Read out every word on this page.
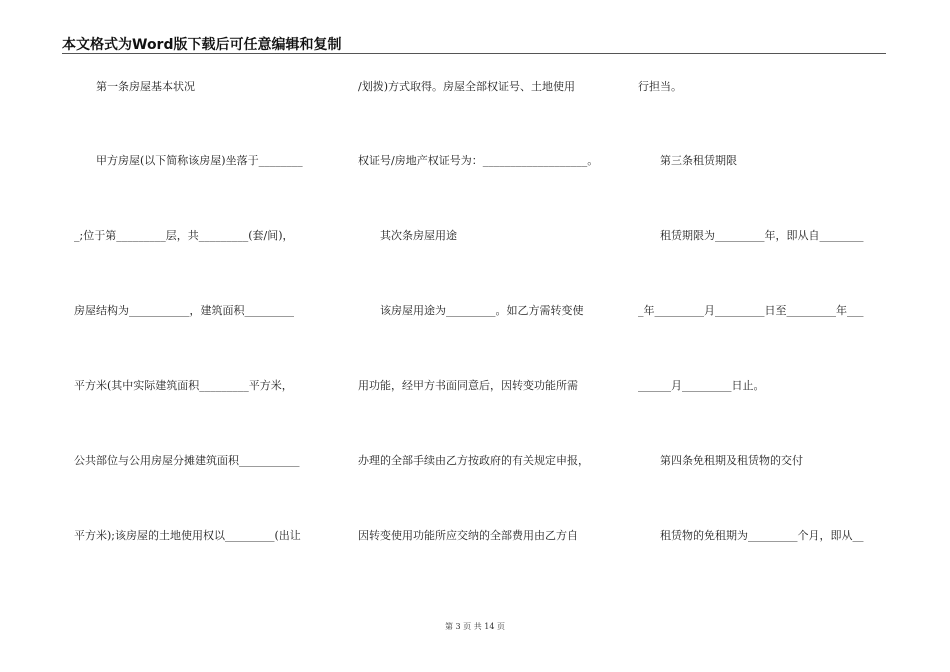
本文格式为Word版下载后可任意编辑和复制
　　第一条房屋基本状况
　　甲方房屋(以下简称该房屋)坐落于________
_;位于第_________层，共_________(套/间)，
房屋结构为___________，建筑面积_________
平方米(其中实际建筑面积_________平方米，
公共部位与公用房屋分摊建筑面积___________
平方米);该房屋的土地使用权以_________(出让
/划拨)方式取得。房屋全部权证号、土地使用
权证号/房地产权证号为：___________________。
　　其次条房屋用途
　　该房屋用途为_________。如乙方需转变使
用功能，经甲方书面同意后，因转变功能所需
办理的全部手续由乙方按政府的有关规定申报，
因转变使用功能所应交纳的全部费用由乙方自
行担当。
　　第三条租赁期限
　　租赁期限为_________年，即从自________
_年_________月_________日至_________年___
______月_________日止。
　　第四条免租期及租赁物的交付
　　租赁物的免租期为_________个月，即从__
第 3 页 共 14 页
